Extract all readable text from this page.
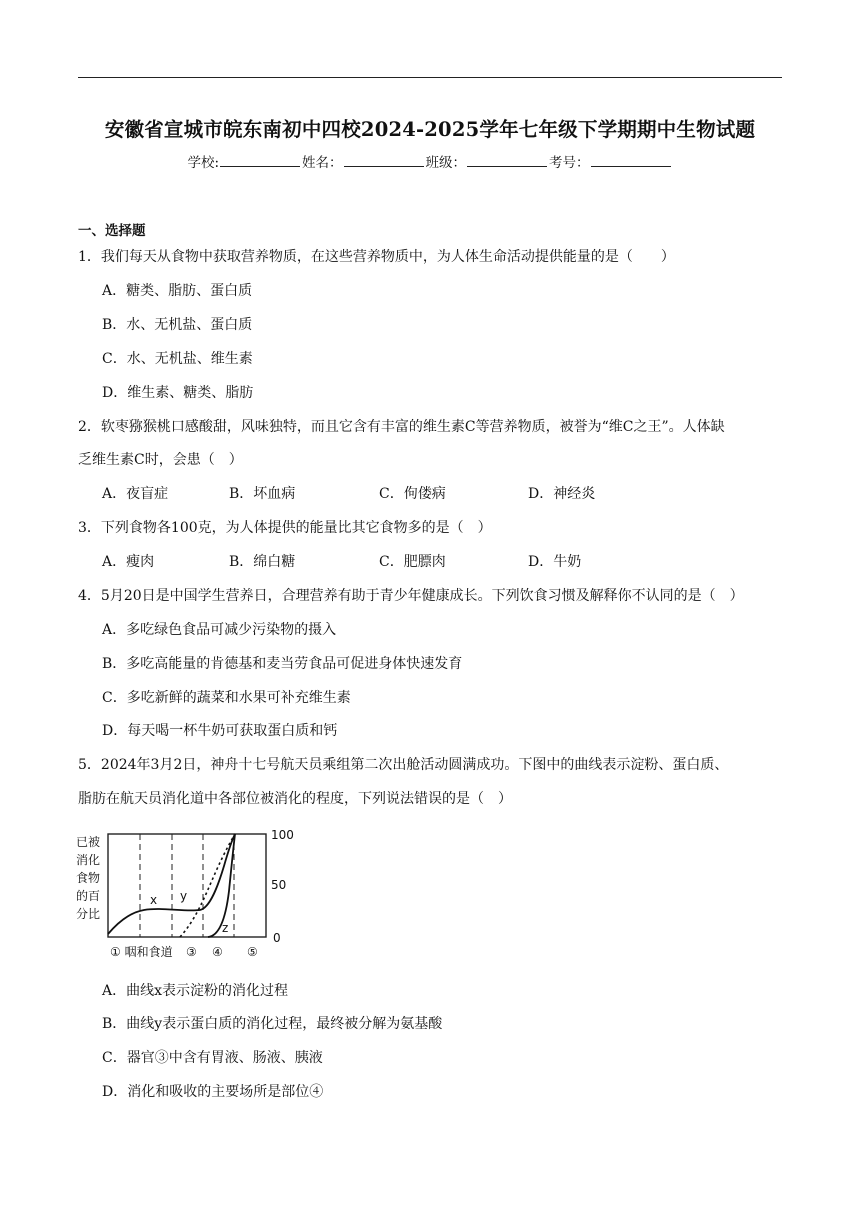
安徽省宣城市皖东南初中四校2024-2025学年七年级下学期期中生物试题
学校:	姓名：	班级：	考号：
一、选择题
1．我们每天从食物中获取营养物质，在这些营养物质中，为人体生命活动提供能量的是（　　）
A．糖类、脂肪、蛋白质
B．水、无机盐、蛋白质
C．水、无机盐、维生素
D．维生素、糖类、脂肪
2．软枣猕猴桃口感酸甜，风味独特，而且它含有丰富的维生素C等营养物质，被誉为“维C之王”。人体缺
乏维生素C时，会患（　）
A．夜盲症	B．坏血病	C．佝偻病	D．神经炎
3．下列食物各100克，为人体提供的能量比其它食物多的是（　）
A．瘦肉	B．绵白糖	C．肥膘肉	D．牛奶
4．5月20日是中国学生营养日，合理营养有助于青少年健康成长。下列饮食习惯及解释你不认同的是（　）
A．多吃绿色食品可减少污染物的摄入
B．多吃高能量的肯德基和麦当劳食品可促进身体快速发育
C．多吃新鲜的蔬菜和水果可补充维生素
D．每天喝一杯牛奶可获取蛋白质和钙
5．2024年3月2日，神舟十七号航天员乘组第二次出舱活动圆满成功。下图中的曲线表示淀粉、蛋白质、
脂肪在航天员消化道中各部位被消化的程度，下列说法错误的是（　）
已被
消化
食物
的百
分比
x y
z
100
50
0
① 咽和食道 ③ ④ ⑤
A．曲线x表示淀粉的消化过程
B．曲线y表示蛋白质的消化过程，最终被分解为氨基酸
C．器官③中含有胃液、肠液、胰液
D．消化和吸收的主要场所是部位④
